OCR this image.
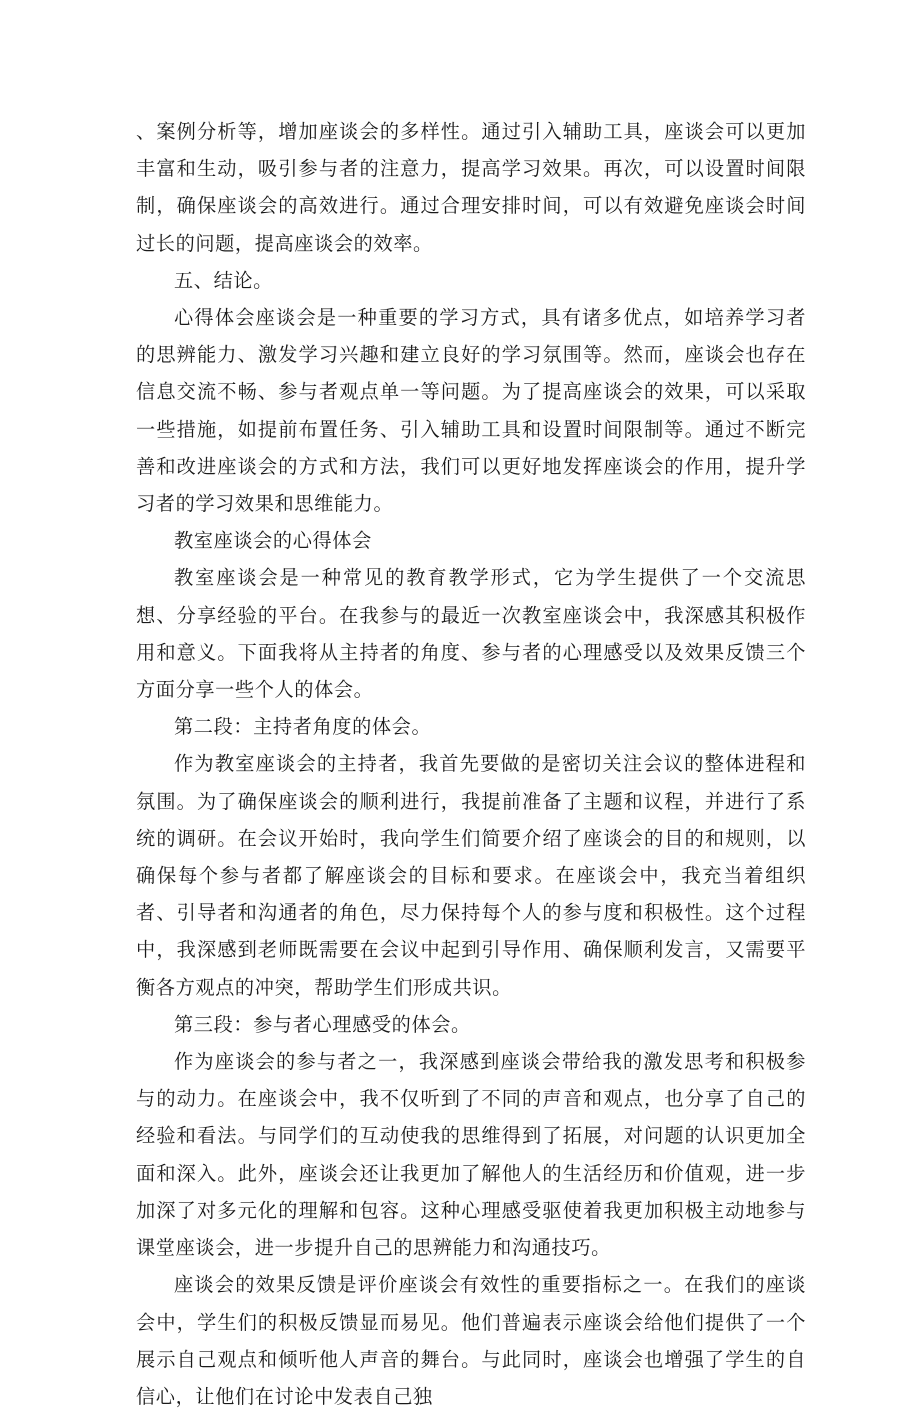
、案例分析等，增加座谈会的多样性。通过引入辅助工具，座谈会可以更加丰富和生动，吸引参与者的注意力，提高学习效果。再次，可以设置时间限制，确保座谈会的高效进行。通过合理安排时间，可以有效避免座谈会时间过长的问题，提高座谈会的效率。

五、结论。

心得体会座谈会是一种重要的学习方式，具有诸多优点，如培养学习者的思辨能力、激发学习兴趣和建立良好的学习氛围等。然而，座谈会也存在信息交流不畅、参与者观点单一等问题。为了提高座谈会的效果，可以采取一些措施，如提前布置任务、引入辅助工具和设置时间限制等。通过不断完善和改进座谈会的方式和方法，我们可以更好地发挥座谈会的作用，提升学习者的学习效果和思维能力。

教室座谈会的心得体会

教室座谈会是一种常见的教育教学形式，它为学生提供了一个交流思想、分享经验的平台。在我参与的最近一次教室座谈会中，我深感其积极作用和意义。下面我将从主持者的角度、参与者的心理感受以及效果反馈三个方面分享一些个人的体会。

第二段：主持者角度的体会。

作为教室座谈会的主持者，我首先要做的是密切关注会议的整体进程和氛围。为了确保座谈会的顺利进行，我提前准备了主题和议程，并进行了系统的调研。在会议开始时，我向学生们简要介绍了座谈会的目的和规则，以确保每个参与者都了解座谈会的目标和要求。在座谈会中，我充当着组织者、引导者和沟通者的角色，尽力保持每个人的参与度和积极性。这个过程中，我深感到老师既需要在会议中起到引导作用、确保顺利发言，又需要平衡各方观点的冲突，帮助学生们形成共识。

第三段：参与者心理感受的体会。

作为座谈会的参与者之一，我深感到座谈会带给我的激发思考和积极参与的动力。在座谈会中，我不仅听到了不同的声音和观点，也分享了自己的经验和看法。与同学们的互动使我的思维得到了拓展，对问题的认识更加全面和深入。此外，座谈会还让我更加了解他人的生活经历和价值观，进一步加深了对多元化的理解和包容。这种心理感受驱使着我更加积极主动地参与课堂座谈会，进一步提升自己的思辨能力和沟通技巧。

座谈会的效果反馈是评价座谈会有效性的重要指标之一。在我们的座谈会中，学生们的积极反馈显而易见。他们普遍表示座谈会给他们提供了一个展示自己观点和倾听他人声音的舞台。与此同时，座谈会也增强了学生的自信心，让他们在讨论中发表自己独
